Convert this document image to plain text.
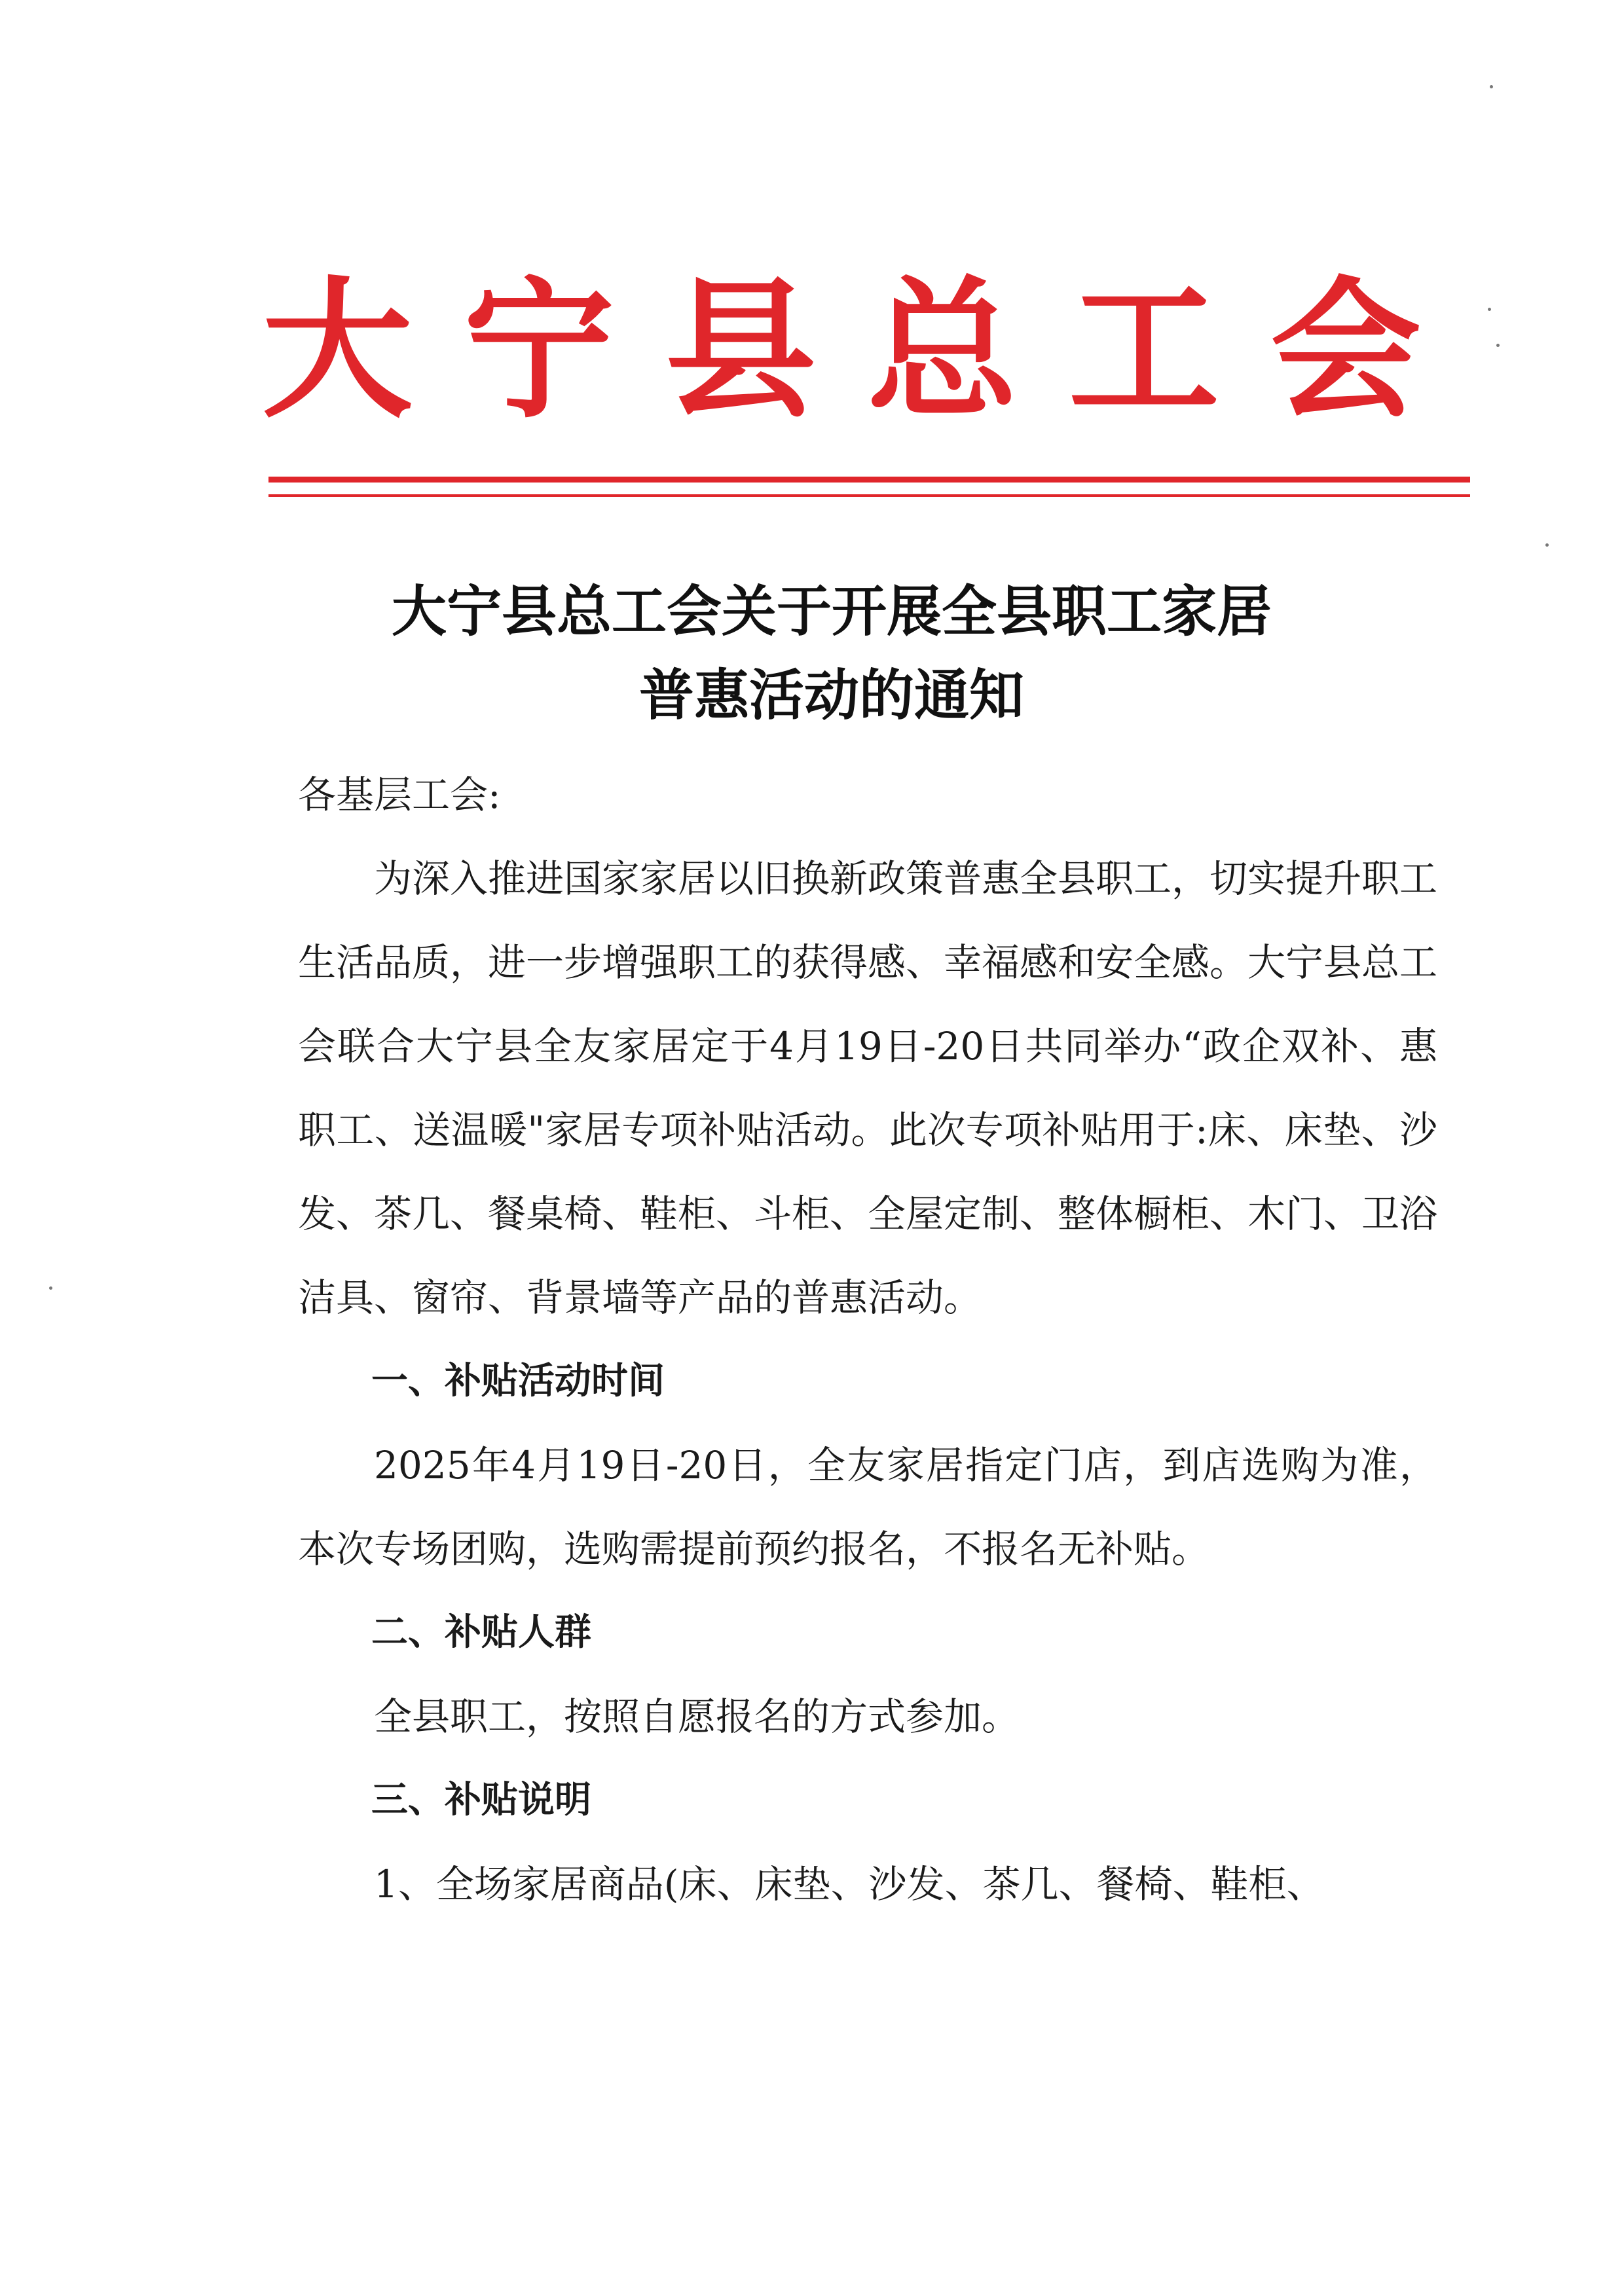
大宁县总工会
大宁县总工会关于开展全县职工家居
普惠活动的通知

各基层工会:

为深入推进国家家居以旧换新政策普惠全县职工，切实提升职工生活品质，进一步增强职工的获得感、幸福感和安全感。大宁县总工会联合大宁县全友家居定于4月19日-20日共同举办“政企双补、惠职工、送温暖"家居专项补贴活动。此次专项补贴用于:床、床垫、沙发、茶几、餐桌椅、鞋柜、斗柜、全屋定制、整体橱柜、木门、卫浴洁具、窗帘、背景墙等产品的普惠活动。

一、补贴活动时间

2025年4月19日-20日，全友家居指定门店，到店选购为准，本次专场团购，选购需提前预约报名，不报名无补贴。

二、补贴人群

全县职工，按照自愿报名的方式参加。

三、补贴说明

1、全场家居商品(床、床垫、沙发、茶几、餐椅、鞋柜、
